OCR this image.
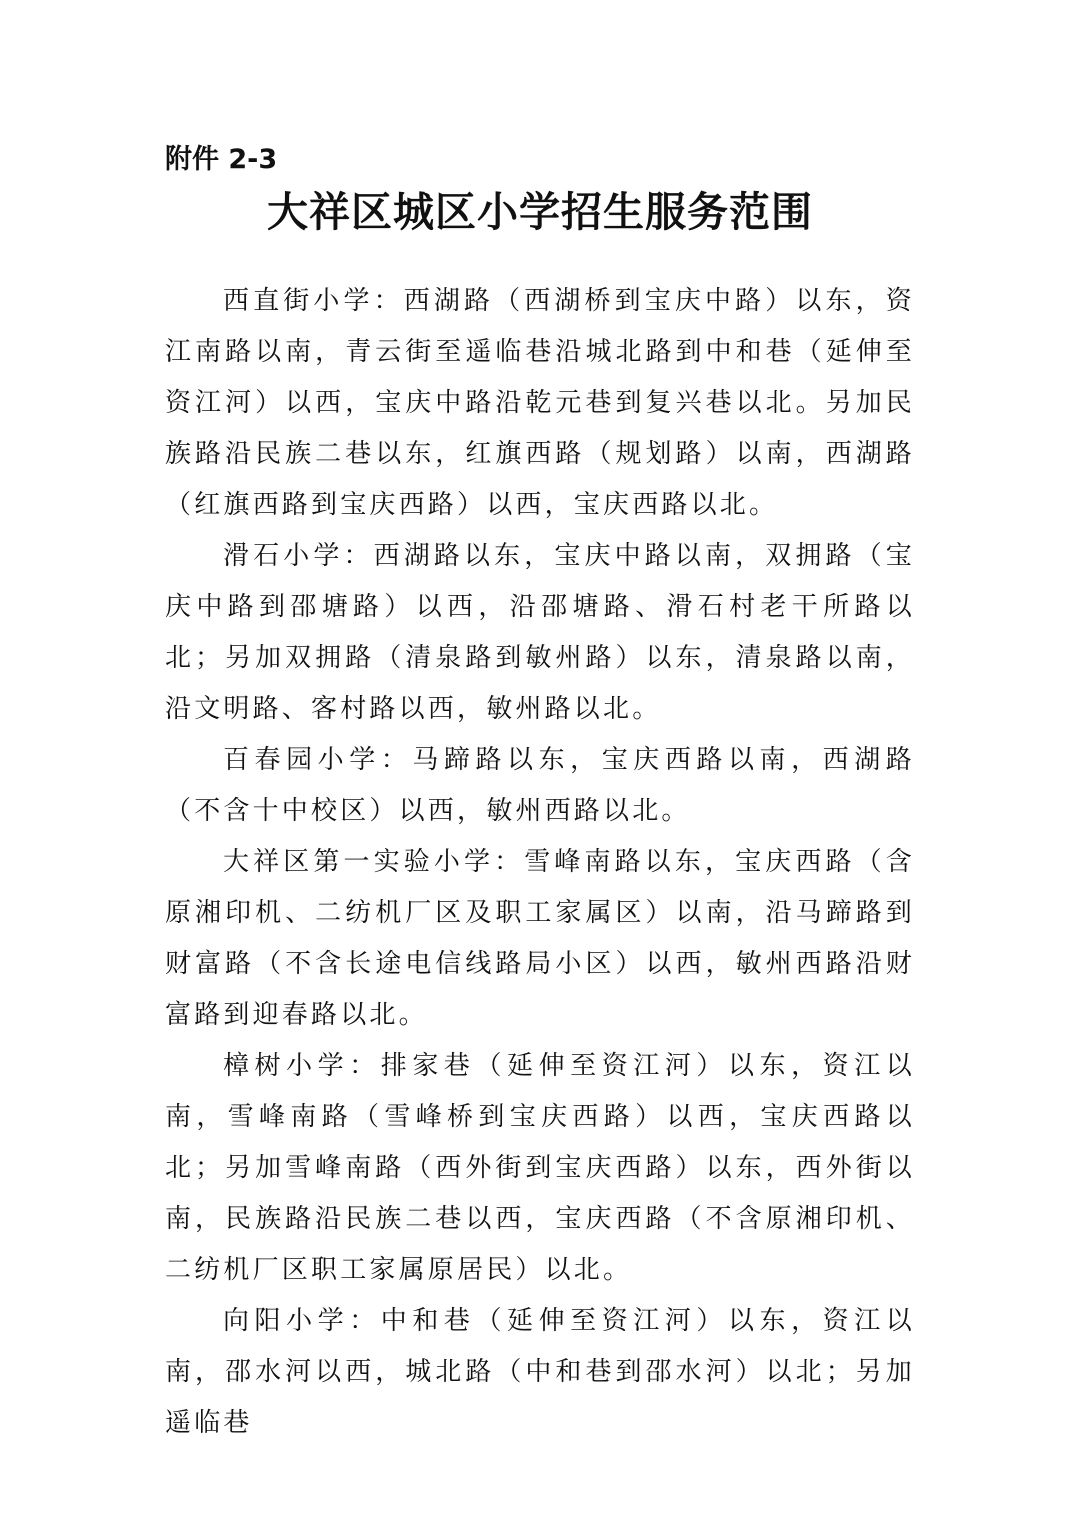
附件 2-3
大祥区城区小学招生服务范围

西直街小学：西湖路（西湖桥到宝庆中路）以东，资江南路以南，青云街至遥临巷沿城北路到中和巷（延伸至资江河）以西，宝庆中路沿乾元巷到复兴巷以北。另加民族路沿民族二巷以东，红旗西路（规划路）以南，西湖路（红旗西路到宝庆西路）以西，宝庆西路以北。

滑石小学：西湖路以东，宝庆中路以南，双拥路（宝庆中路到邵塘路）以西，沿邵塘路、滑石村老干所路以北；另加双拥路（清泉路到敏州路）以东，清泉路以南，沿文明路、客村路以西，敏州路以北。

百春园小学：马蹄路以东，宝庆西路以南，西湖路（不含十中校区）以西，敏州西路以北。

大祥区第一实验小学：雪峰南路以东，宝庆西路（含原湘印机、二纺机厂区及职工家属区）以南，沿马蹄路到财富路（不含长途电信线路局小区）以西，敏州西路沿财富路到迎春路以北。

樟树小学：排家巷（延伸至资江河）以东，资江以南，雪峰南路（雪峰桥到宝庆西路）以西，宝庆西路以北；另加雪峰南路（西外街到宝庆西路）以东，西外街以南，民族路沿民族二巷以西，宝庆西路（不含原湘印机、二纺机厂区职工家属原居民）以北。

向阳小学：中和巷（延伸至资江河）以东，资江以南，邵水河以西，城北路（中和巷到邵水河）以北；另加遥临巷
